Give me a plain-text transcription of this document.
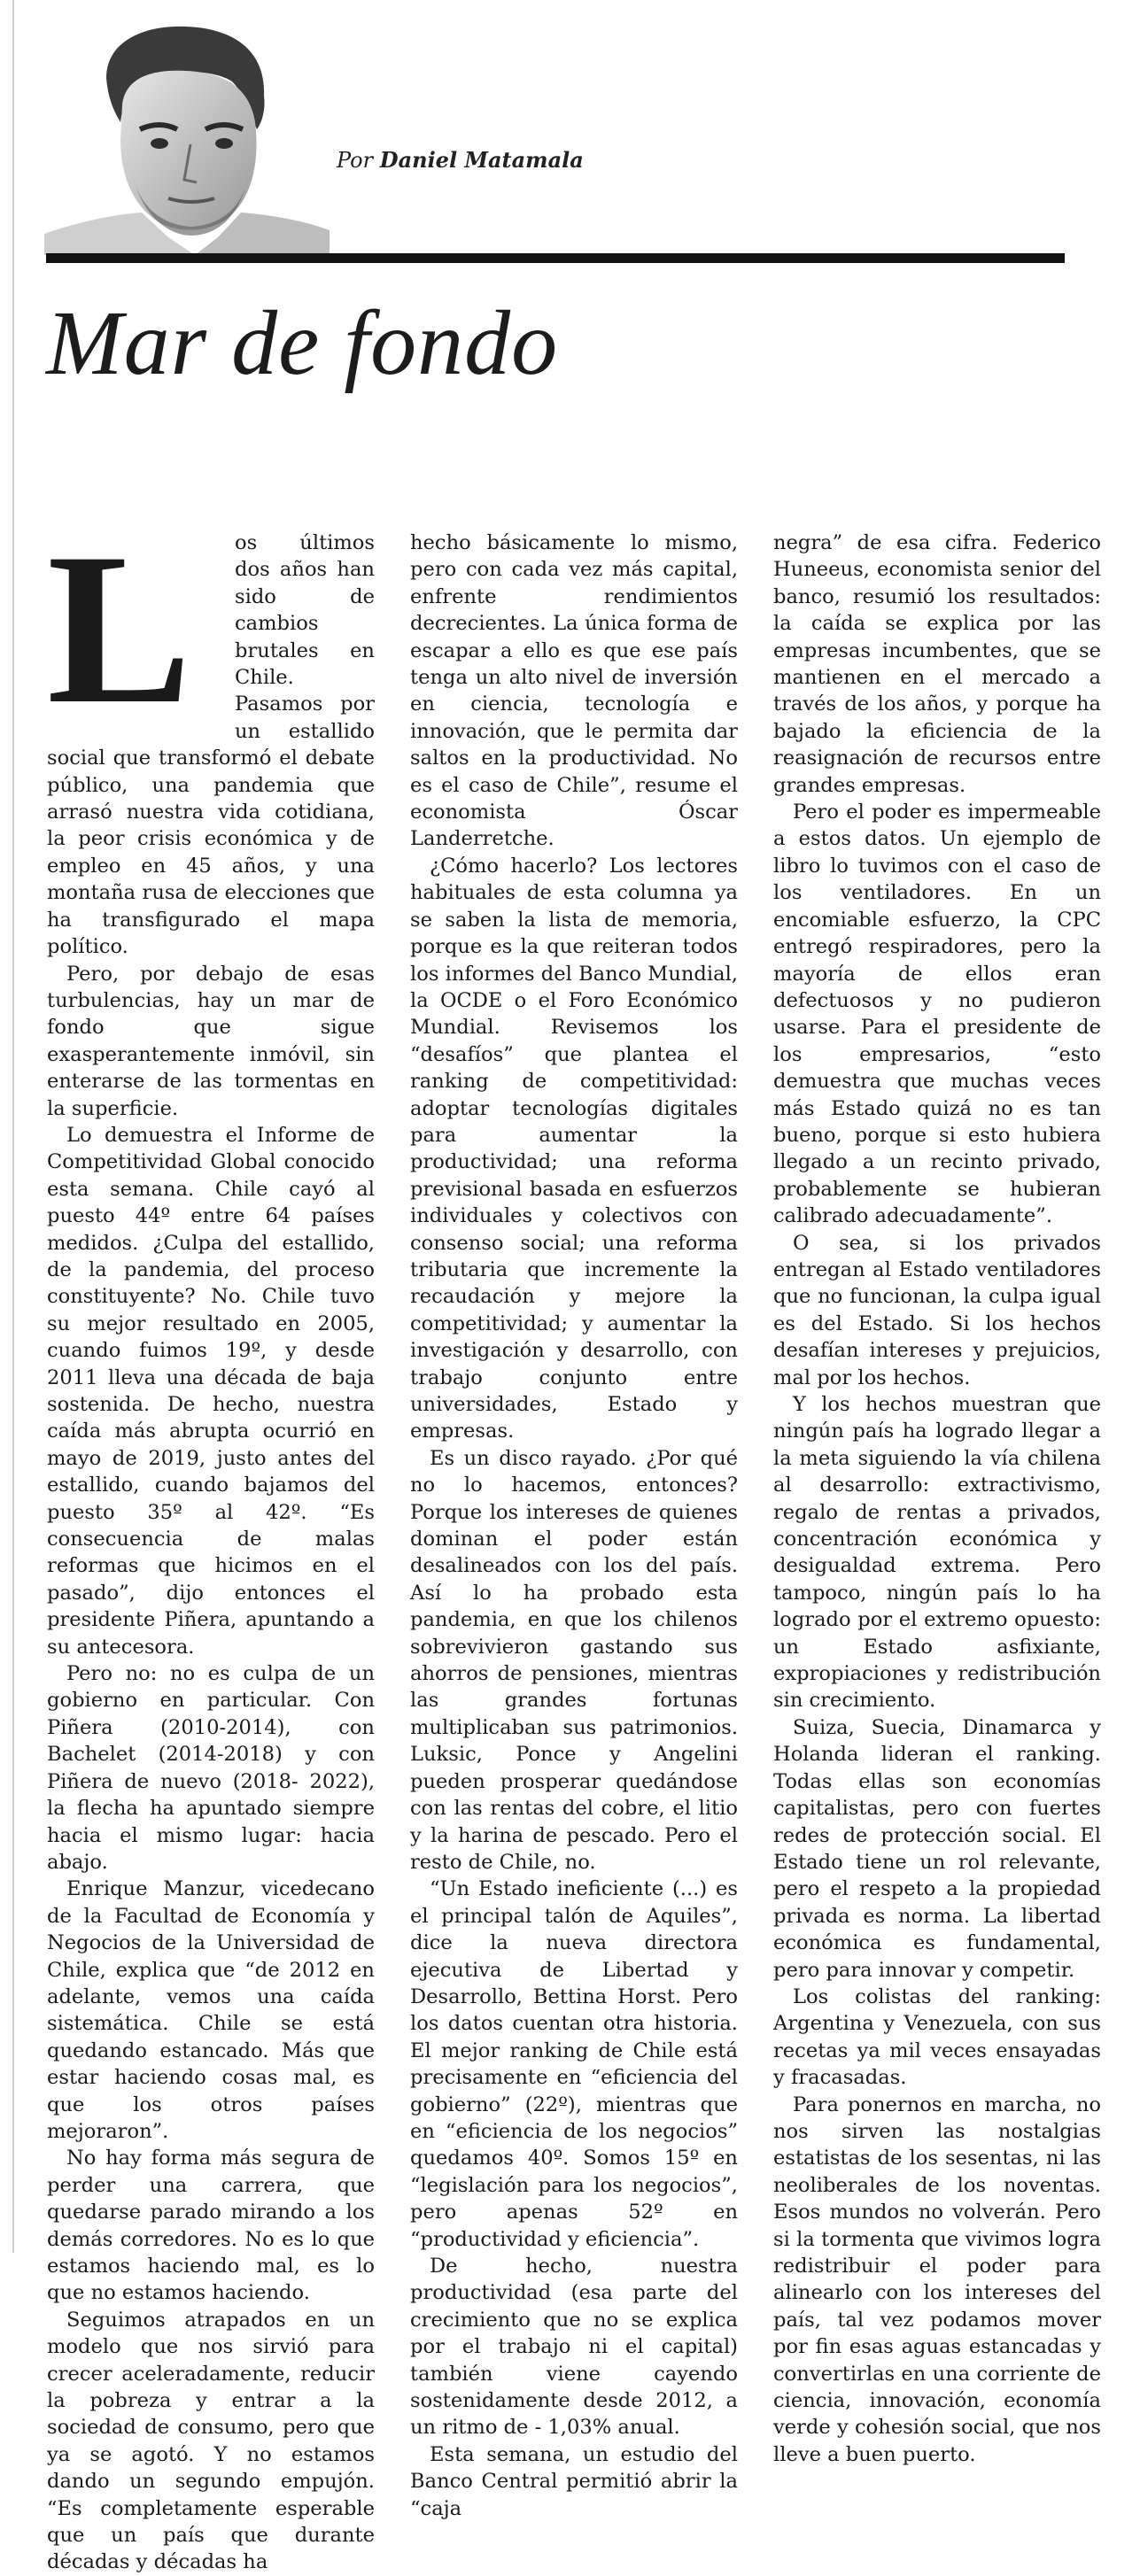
Por Daniel Matamala
Mar de fondo
L	os últimos dos años han sido de cambios brutales en Chile. Pasamos por un estallido social que transformó el debate público, una pandemia que arrasó nuestra vida cotidiana, la peor crisis económica y de empleo en 45 años, y una montaña rusa de elecciones que ha transfigurado el mapa político.

Pero, por debajo de esas turbulencias, hay un mar de fondo que sigue exasperantemente inmóvil, sin enterarse de las tormentas en la superficie.

Lo demuestra el Informe de Competitividad Global conocido esta semana. Chile cayó al puesto 44º entre 64 países medidos. ¿Culpa del estallido, de la pandemia, del proceso constituyente? No. Chile tuvo su mejor resultado en 2005, cuando fuimos 19º, y desde 2011 lleva una década de baja sostenida. De hecho, nuestra caída más abrupta ocurrió en mayo de 2019, justo antes del estallido, cuando bajamos del puesto 35º al 42º. “Es consecuencia de malas reformas que hicimos en el pasado”, dijo entonces el presidente Piñera, apuntando a su antecesora.

Pero no: no es culpa de un gobierno en particular. Con Piñera (2010-2014), con Bachelet (2014-2018) y con Piñera de nuevo (2018- 2022), la flecha ha apuntado siempre hacia el mismo lugar: hacia abajo.

Enrique Manzur, vicedecano de la Facultad de Economía y Negocios de la Universidad de Chile, explica que “de 2012 en adelante, vemos una caída sistemática. Chile se está quedando estancado. Más que estar haciendo cosas mal, es que los otros países mejoraron”.

No hay forma más segura de perder una carrera, que quedarse parado mirando a los demás corredores. No es lo que estamos haciendo mal, es lo que no estamos haciendo.

Seguimos atrapados en un modelo que nos sirvió para crecer aceleradamente, reducir la pobreza y entrar a la sociedad de consumo, pero que ya se agotó. Y no estamos dando un segundo empujón. “Es completamente esperable que un país que durante décadas y décadas ha

hecho básicamente lo mismo, pero con cada vez más capital, enfrente rendimientos decrecientes. La única forma de escapar a ello es que ese país tenga un alto nivel de inversión en ciencia, tecnología e innovación, que le permita dar saltos en la productividad. No es el caso de Chile”, resume el economista Óscar Landerretche.

¿Cómo hacerlo? Los lectores habituales de esta columna ya se saben la lista de memoria, porque es la que reiteran todos los informes del Banco Mundial, la OCDE o el Foro Económico Mundial. Revisemos los “desafíos” que plantea el ranking de competitividad: adoptar tecnologías digitales para aumentar la productividad; una reforma previsional basada en esfuerzos individuales y colectivos con consenso social; una reforma tributaria que incremente la recaudación y mejore la competitividad; y aumentar la investigación y desarrollo, con trabajo conjunto entre universidades, Estado y empresas.

Es un disco rayado. ¿Por qué no lo hacemos, entonces? Porque los intereses de quienes dominan el poder están desalineados con los del país. Así lo ha probado esta pandemia, en que los chilenos sobrevivieron gastando sus ahorros de pensiones, mientras las grandes fortunas multiplicaban sus patrimonios. Luksic, Ponce y Angelini pueden prosperar quedándose con las rentas del cobre, el litio y la harina de pescado. Pero el resto de Chile, no.

“Un Estado ineficiente (...) es el principal talón de Aquiles”, dice la nueva directora ejecutiva de Libertad y Desarrollo, Bettina Horst. Pero los datos cuentan otra historia. El mejor ranking de Chile está precisamente en “eficiencia del gobierno” (22º), mientras que en “eficiencia de los negocios” quedamos 40º. Somos 15º en “legislación para los negocios”, pero apenas 52º en “productividad y eficiencia”.

De hecho, nuestra productividad (esa parte del crecimiento que no se explica por el trabajo ni el capital) también viene cayendo sostenidamente desde 2012, a un ritmo de - 1,03% anual.

Esta semana, un estudio del Banco Central permitió abrir la “caja

negra” de esa cifra. Federico Huneeus, economista senior del banco, resumió los resultados: la caída se explica por las empresas incumbentes, que se mantienen en el mercado a través de los años, y porque ha bajado la eficiencia de la reasignación de recursos entre grandes empresas.

Pero el poder es impermeable a estos datos. Un ejemplo de libro lo tuvimos con el caso de los ventiladores. En un encomiable esfuerzo, la CPC entregó respiradores, pero la mayoría de ellos eran defectuosos y no pudieron usarse. Para el presidente de los empresarios, “esto demuestra que muchas veces más Estado quizá no es tan bueno, porque si esto hubiera llegado a un recinto privado, probablemente se hubieran calibrado adecuadamente”.

O sea, si los privados entregan al Estado ventiladores que no funcionan, la culpa igual es del Estado. Si los hechos desafían intereses y prejuicios, mal por los hechos.

Y los hechos muestran que ningún país ha logrado llegar a la meta siguiendo la vía chilena al desarrollo: extractivismo, regalo de rentas a privados, concentración económica y desigualdad extrema. Pero tampoco, ningún país lo ha logrado por el extremo opuesto: un Estado asfixiante, expropiaciones y redistribución sin crecimiento.

Suiza, Suecia, Dinamarca y Holanda lideran el ranking. Todas ellas son economías capitalistas, pero con fuertes redes de protección social. El Estado tiene un rol relevante, pero el respeto a la propiedad privada es norma. La libertad económica es fundamental, pero para innovar y competir.

Los colistas del ranking: Argentina y Venezuela, con sus recetas ya mil veces ensayadas y fracasadas.

Para ponernos en marcha, no nos sirven las nostalgias estatistas de los sesentas, ni las neoliberales de los noventas. Esos mundos no volverán. Pero si la tormenta que vivimos logra redistribuir el poder para alinearlo con los intereses del país, tal vez podamos mover por fin esas aguas estancadas y convertirlas en una corriente de ciencia, innovación, economía verde y cohesión social, que nos lleve a buen puerto.
